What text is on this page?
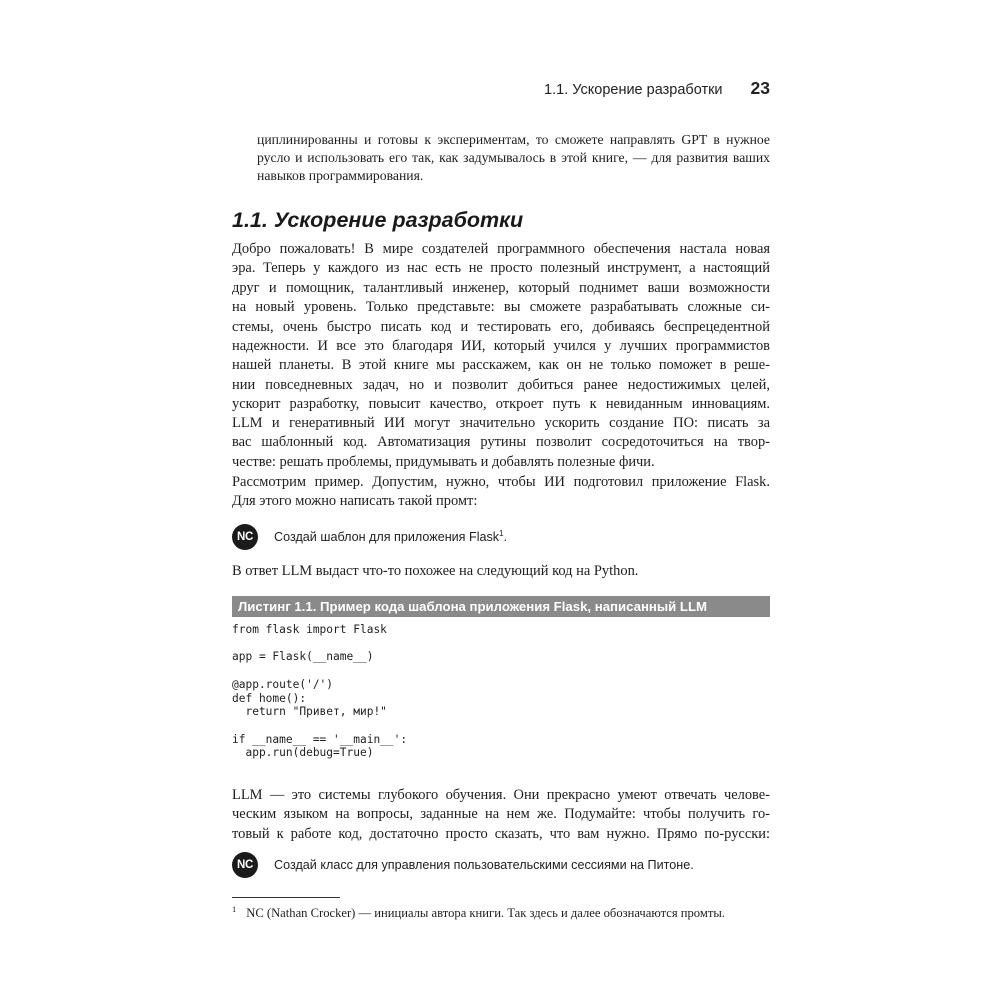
1.1. Ускорение разработки 23

циплинированны и готовы к экспериментам, то сможете направлять GPT в нужное
русло и использовать его так, как задумывалось в этой книге, — для развития ваших
навыков программирования.

1.1. Ускорение разработки

Добро пожаловать! В мире создателей программного обеспечения настала новая
эра. Теперь у каждого из нас есть не просто полезный инструмент, а настоящий
друг и помощник, талантливый инженер, который поднимет ваши возможности
на новый уровень. Только представьте: вы сможете разрабатывать сложные си-
стемы, очень быстро писать код и тестировать его, добиваясь беспрецедентной
надежности. И все это благодаря ИИ, который учился у лучших программистов
нашей планеты. В этой книге мы расскажем, как он не только поможет в реше-
нии повседневных задач, но и позволит добиться ранее недостижимых целей,
ускорит разработку, повысит качество, откроет путь к невиданным инновациям.

LLM и генеративный ИИ могут значительно ускорить создание ПО: писать за
вас шаблонный код. Автоматизация рутины позволит сосредоточиться на твор-
честве: решать проблемы, придумывать и добавлять полезные фичи.

Рассмотрим пример. Допустим, нужно, чтобы ИИ подготовил приложение Flask.
Для этого можно написать такой промт:

NC	Создай шаблон для приложения Flask$^1$.

В ответ LLM выдаст что-то похожее на следующий код на Python.

Листинг 1.1. Пример кода шаблона приложения Flask, написанный LLM
from flask import Flask

app = Flask(__name__)

@app.route('/')
def home():
return "Привет, мир!"

if __name__ == '__main__':
app.run(debug=True)

LLM — это системы глубокого обучения. Они прекрасно умеют отвечать челове-
ческим языком на вопросы, заданные на нем же. Подумайте: чтобы получить го-
товый к работе код, достаточно просто сказать, что вам нужно. Прямо по-русски:

NC	Создай класс для управления пользовательскими сессиями на Питоне.
$^1$ NC (Nathan Crocker) — инициалы автора книги. Так здесь и далее обозначаются промты.
